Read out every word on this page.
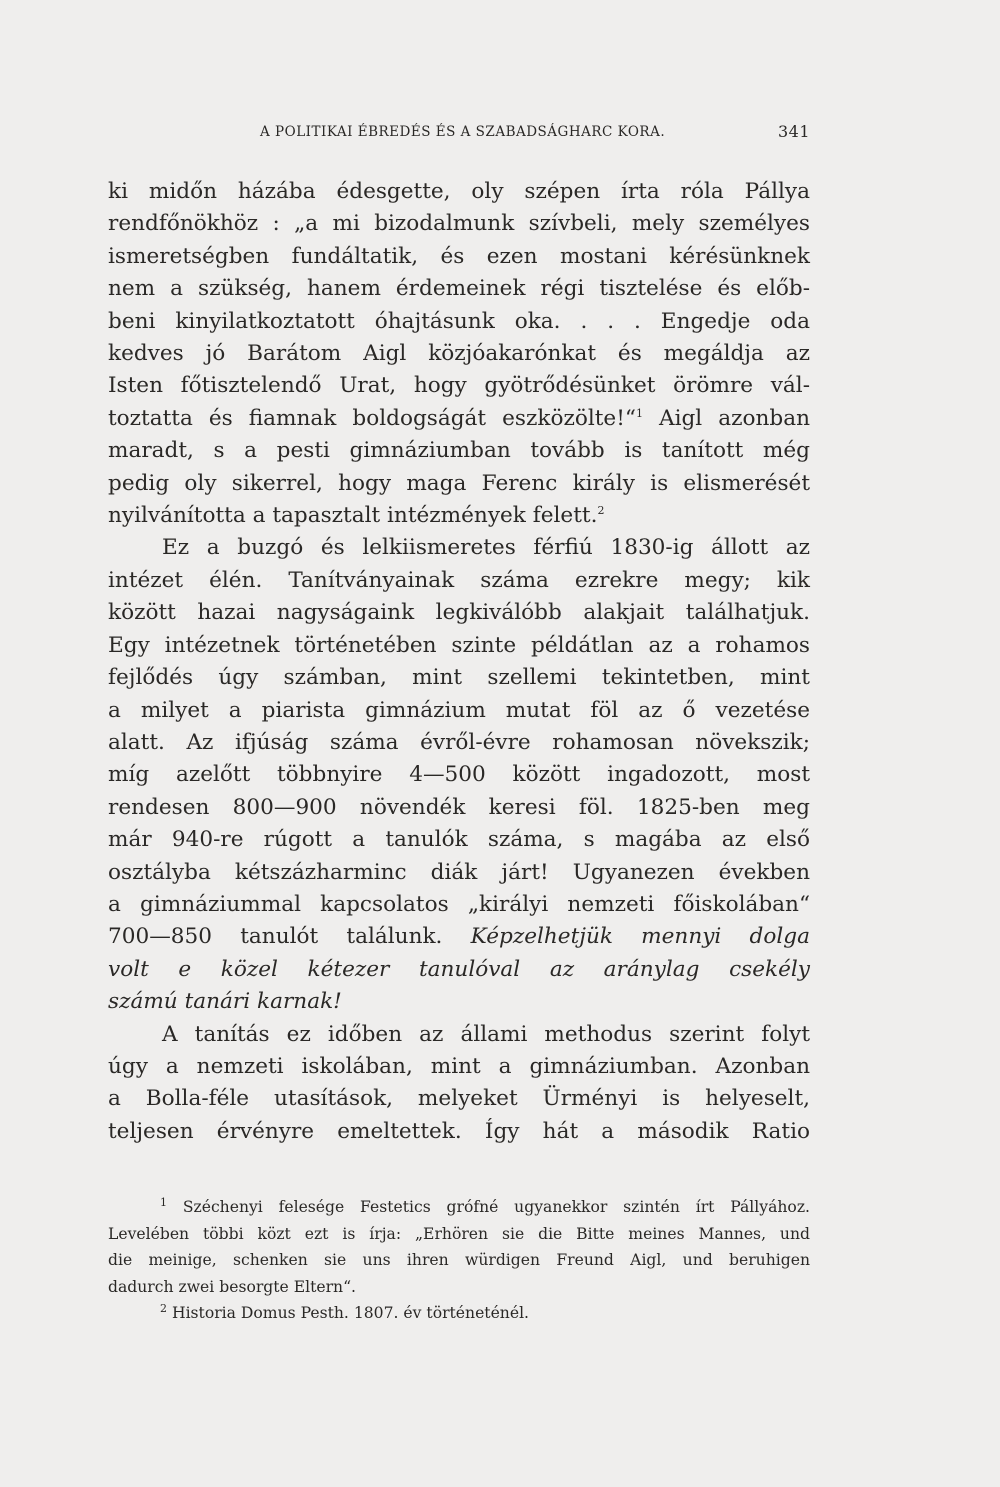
A POLITIKAI ÉBREDÉS ÉS A SZABADSÁGHARC KORA.	341

ki midőn házába édesgette, oly szépen írta róla Pállya
rendfőnökhöz : „a mi bizodalmunk szívbeli, mely személyes
ismeretségben fundáltatik, és ezen mostani kérésünknek
nem a szükség, hanem érdemeinek régi tisztelése és előb-
beni kinyilatkoztatott óhajtásunk oka. . . . Engedje oda
kedves jó Barátom Aigl közjóakarónkat és megáldja az
Isten főtisztelendő Urat, hogy gyötrődésünket örömre vál-
toztatta és fiamnak boldogságát eszközölte!“$^1$ Aigl azonban
maradt, s a pesti gimnáziumban tovább is tanított még
pedig oly sikerrel, hogy maga Ferenc király is elismerését
nyilvánította a tapasztalt intézmények felett.$^2$

Ez a buzgó és lelkiismeretes férfiú 1830-ig állott az
intézet élén. Tanítványainak száma ezrekre megy; kik
között hazai nagyságaink legkiválóbb alakjait találhatjuk.
Egy intézetnek történetében szinte példátlan az a rohamos
fejlődés úgy számban, mint szellemi tekintetben, mint
a milyet a piarista gimnázium mutat föl az ő vezetése
alatt. Az ifjúság száma évről-évre rohamosan növekszik;
míg azelőtt többnyire 4—500 között ingadozott, most
rendesen 800—900 növendék keresi föl. 1825-ben meg
már 940-re rúgott a tanulók száma, s magába az első
osztályba kétszázharminc diák járt! Ugyanezen években
a gimnáziummal kapcsolatos „királyi nemzeti főiskolában“
700—850 tanulót találunk. Képzelhetjük mennyi dolga
volt e közel kétezer tanulóval az aránylag csekély
számú tanári karnak!

A tanítás ez időben az állami methodus szerint folyt
úgy a nemzeti iskolában, mint a gimnáziumban. Azonban
a Bolla-féle utasítások, melyeket Ürményi is helyeselt,
teljesen érvényre emeltettek. Így hát a második Ratio

$^1$ Széchenyi felesége Festetics grófné ugyanekkor szintén írt Pállyához.
Levelében többi közt ezt is írja: „Erhören sie die Bitte meines Mannes, und
die meinige, schenken sie uns ihren würdigen Freund Aigl, und beruhigen
dadurch zwei besorgte Eltern“.
$^2$ Historia Domus Pesth. 1807. év történeténél.
